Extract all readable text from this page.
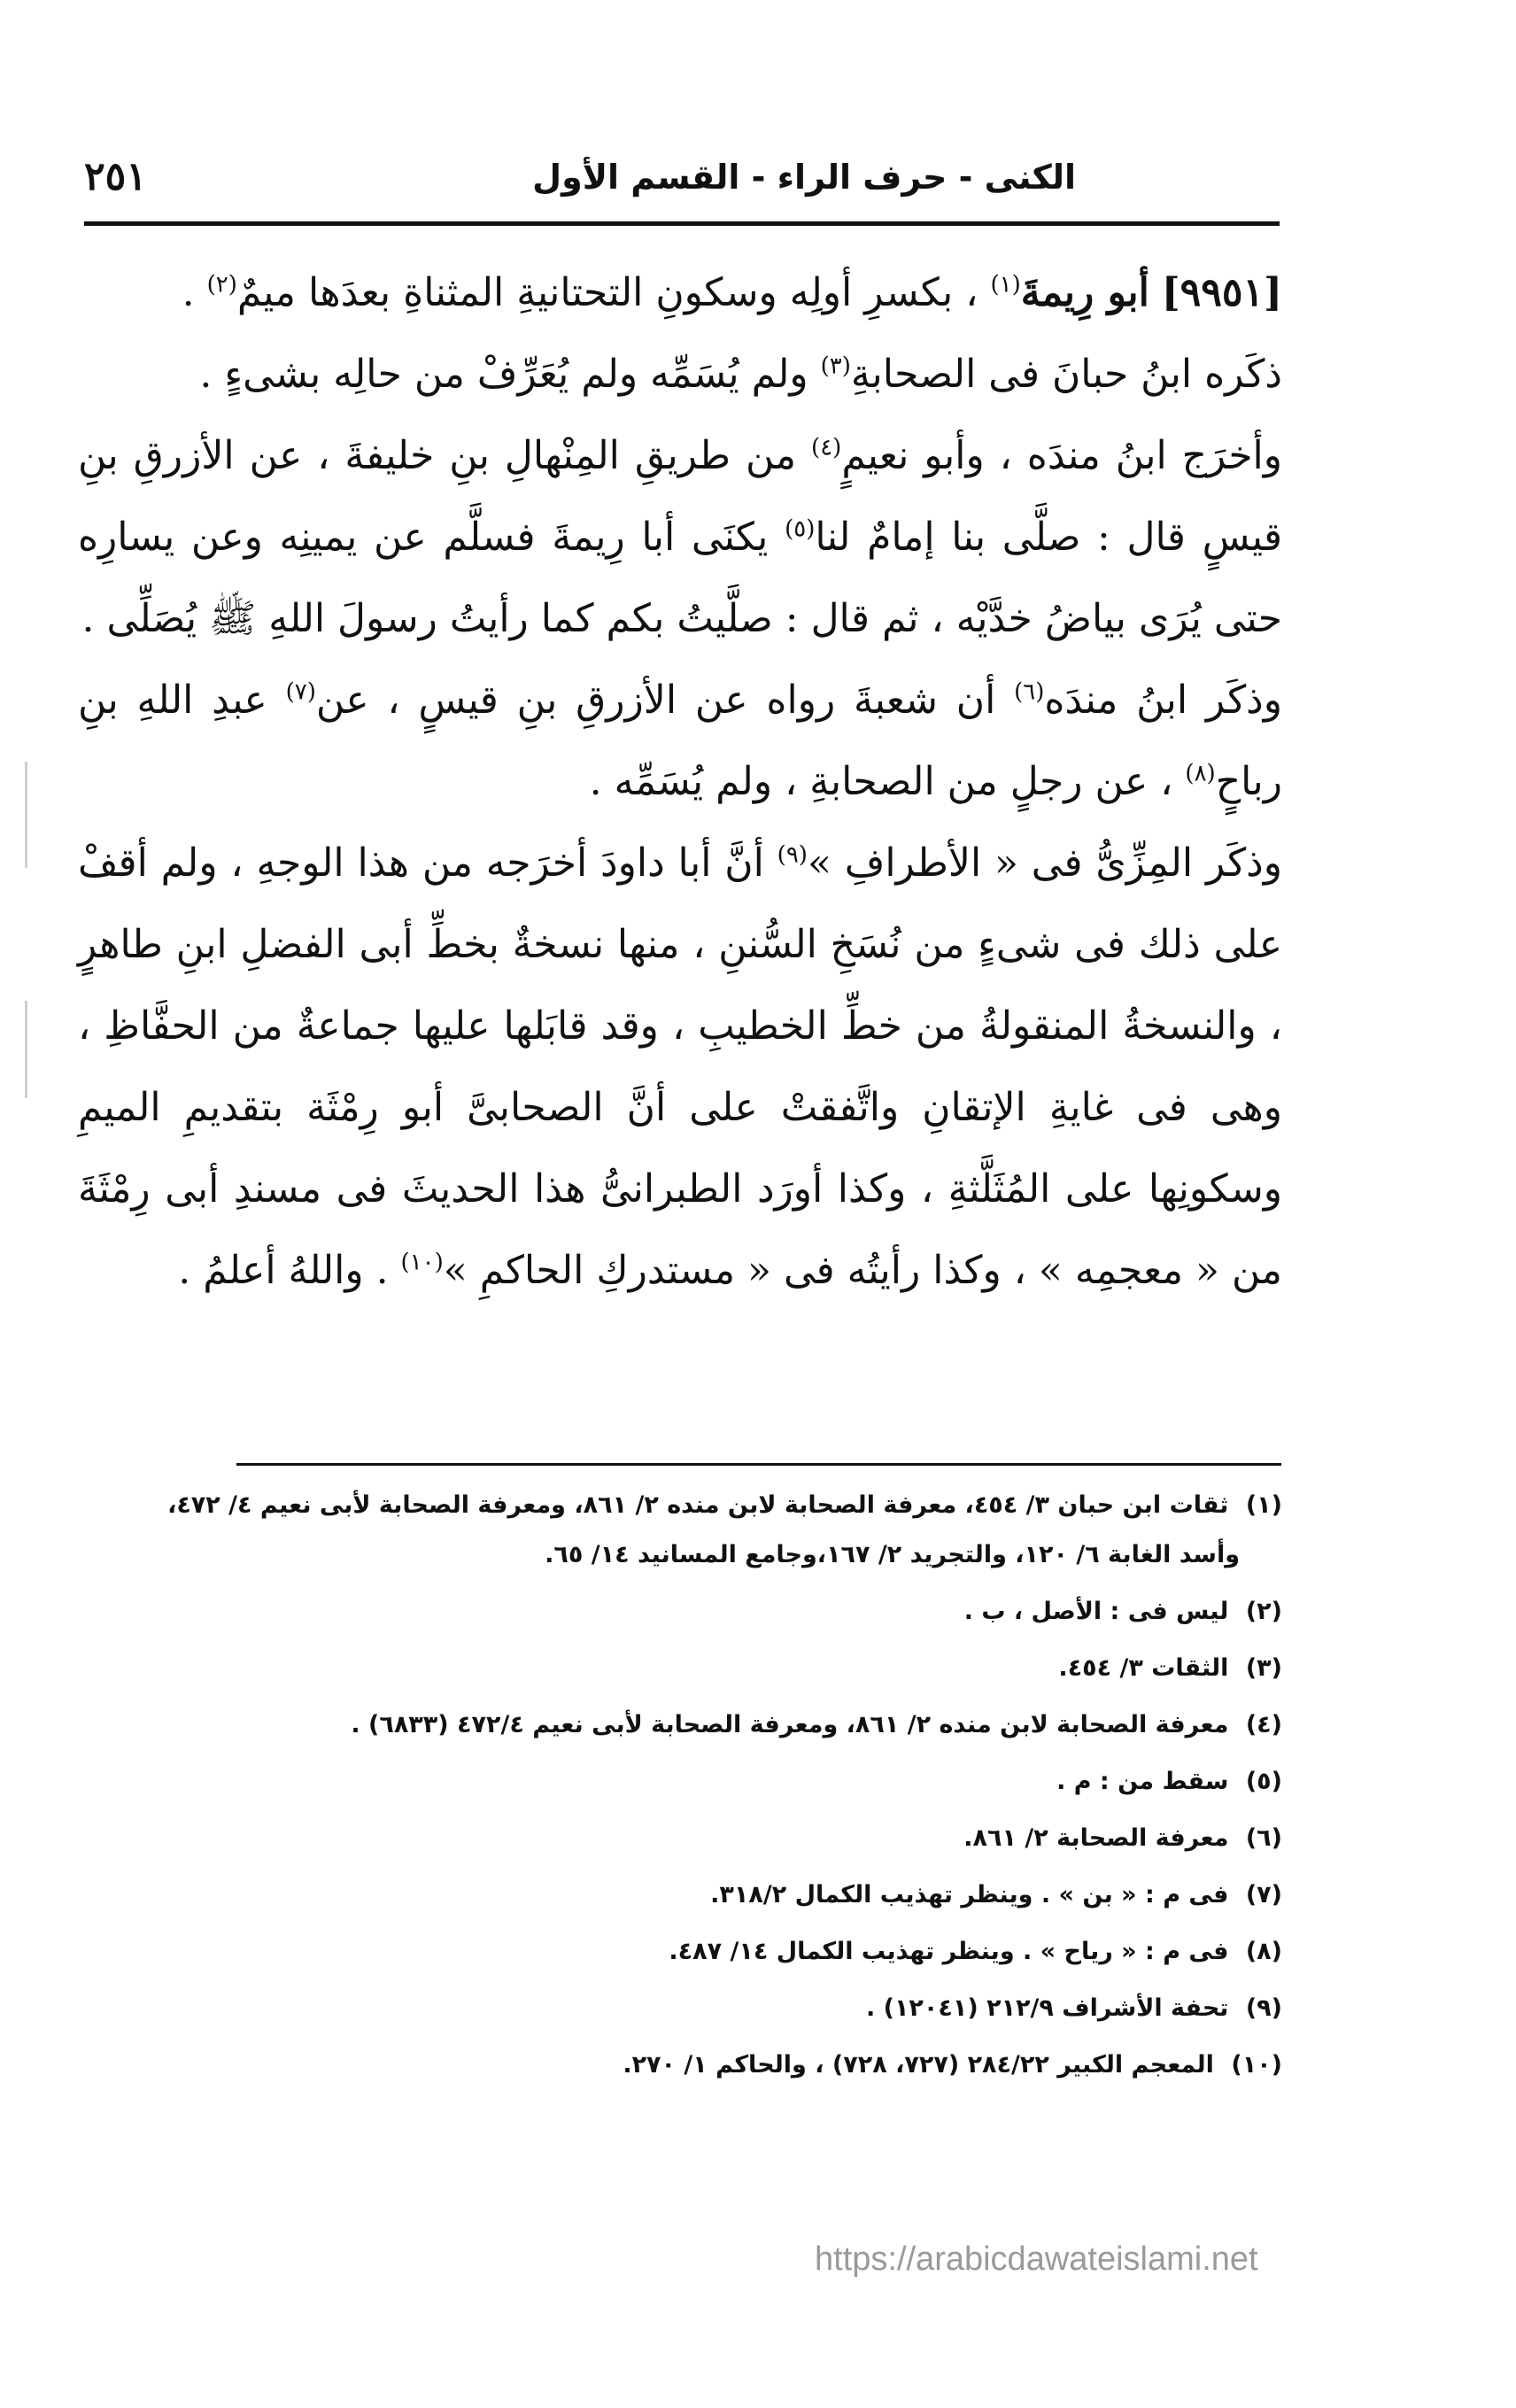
الكنى - حرف الراء - القسم الأول
٢٥١

[٩٩٥١] أبو رِيمةَ$^{(١)}$ ، بكسرِ أولِه وسكونِ التحتانيةِ المثناةِ بعدَها ميمٌ$^{(٢)}$ .

ذكَره ابنُ حبانَ فى الصحابةِ$^{(٣)}$ ولم يُسَمِّه ولم يُعَرِّفْ من حالِه بشىءٍ .

وأخرَج ابنُ مندَه ، وأبو نعيمٍ$^{(٤)}$ من طريقِ المِنْهالِ بنِ خليفةَ ، عن الأزرقِ بنِ قيسٍ قال : صلَّى بنا إمامٌ لنا$^{(٥)}$ يكنَى أبا رِيمةَ فسلَّم عن يمينِه وعن يسارِه حتى يُرَى بياضُ خدَّيْه ، ثم قال : صلَّيتُ بكم كما رأيتُ رسولَ اللهِ ﷺ يُصَلِّى .

وذكَر ابنُ مندَه$^{(٦)}$ أن شعبةَ رواه عن الأزرقِ بنِ قيسٍ ، عن$^{(٧)}$ عبدِ اللهِ بنِ رباحٍ$^{(٨)}$ ، عن رجلٍ من الصحابةِ ، ولم يُسَمِّه .

وذكَر المِزِّىُّ فى « الأطرافِ »$^{(٩)}$ أنَّ أبا داودَ أخرَجه من هذا الوجهِ ، ولم أقفْ على ذلك فى شىءٍ من نُسَخِ السُّننِ ، منها نسخةٌ بخطِّ أبى الفضلِ ابنِ طاهرٍ ، والنسخةُ المنقولةُ من خطِّ الخطيبِ ، وقد قابَلها عليها جماعةٌ من الحفَّاظِ ، وهى فى غايةِ الإتقانِ واتَّفقتْ على أنَّ الصحابىَّ أبو رِمْثَة بتقديمِ الميمِ وسكونِها على المُثَلَّثةِ ، وكذا أورَد الطبرانىُّ هذا الحديثَ فى مسندِ أبى رِمْثَةَ من « معجمِه » ، وكذا رأيتُه فى « مستدركِ الحاكمِ »$^{(١٠)}$ . واللهُ أعلمُ .

(١) ثقات ابن حبان ٣/ ٤٥٤، معرفة الصحابة لابن منده ٢/ ٨٦١، ومعرفة الصحابة لأبى نعيم ٤/ ٤٧٢،
وأسد الغابة ٦/ ١٢٠، والتجريد ٢/ ١٦٧،وجامع المسانيد ١٤/ ٦٥.
(٢) ليس فى : الأصل ، ب .
(٣) الثقات ٣/ ٤٥٤.
(٤) معرفة الصحابة لابن منده ٢/ ٨٦١، ومعرفة الصحابة لأبى نعيم ٤٧٢/٤ (٦٨٣٣) .
(٥) سقط من : م .
(٦) معرفة الصحابة ٢/ ٨٦١.
(٧) فى م : « بن » . وينظر تهذيب الكمال ٣١٨/٢.
(٨) فى م : « رياح » . وينظر تهذيب الكمال ١٤/ ٤٨٧.
(٩) تحفة الأشراف ٢١٢/٩ (١٢٠٤١) .
(١٠) المعجم الكبير ٢٨٤/٢٢ (٧٢٧، ٧٢٨) ، والحاكم ١/ ٢٧٠.
https://arabicdawateislami.net
